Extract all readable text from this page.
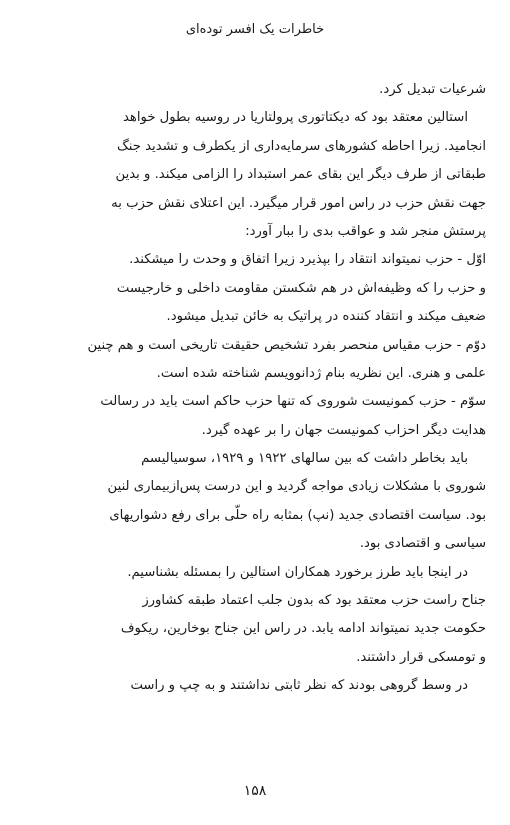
خاطرات یک افسر توده‌ای
شرعیات تبدیل کرد.
استالین معتقد بود که دیکتاتوری پرولتاریا در روسیه بطول خواهد
انجامید. زیرا احاطه کشورهای سرمایه‌داری از یکطرف و تشدید جنگ
طبقاتی از طرف دیگر این بقای عمر استبداد را الزامی میکند. و بدین
جهت نقش حزب در راس امور قرار میگیرد. این اعتلای نقش حزب به
پرستش منجر شد و عواقب بدی را ببار آورد:
اوّل - حزب نمیتواند انتقاد را بپذیرد زیرا اتفاق و وحدت را میشکند.
و حزب را که وظیفه‌اش در هم شکستن مقاومت داخلی و خارجیست
ضعیف میکند و انتقاد کننده در پراتیک به خائن تبدیل میشود.
دوّم - حزب مقیاس منحصر بفرد تشخیص حقیقت تاریخی است و هم چنین
علمی و هنری. این نظریه بنام ژدانوویسم شناخته شده است.
سوّم - حزب کمونیست شوروی که تنها حزب حاکم است باید در رسالت
هدایت دیگر احزاب کمونیست جهان را بر عهده گیرد.
باید بخاطر داشت که بین سالهای ۱۹۲۲ و ۱۹۲۹، سوسیالیسم
شوروی با مشکلات زیادی مواجه گردید و این درست پس‌ازبیماری لنین
بود. سیاست اقتصادی جدید (نپ) بمثابه راه حلّی برای رفع دشواریهای
سیاسی و اقتصادی بود.
در اینجا باید طرز برخورد همکاران استالین را بمسئله بشناسیم.
جناح راست حزب معتقد بود که بدون جلب اعتماد طبقه کشاورز
حکومت جدید نمیتواند ادامه یابد. در راس این جناح بوخارین، ریکوف
و تومسکی قرار داشتند.
در وسط گروهی بودند که نظر ثابتی نداشتند و به چپ و راست
۱۵۸
